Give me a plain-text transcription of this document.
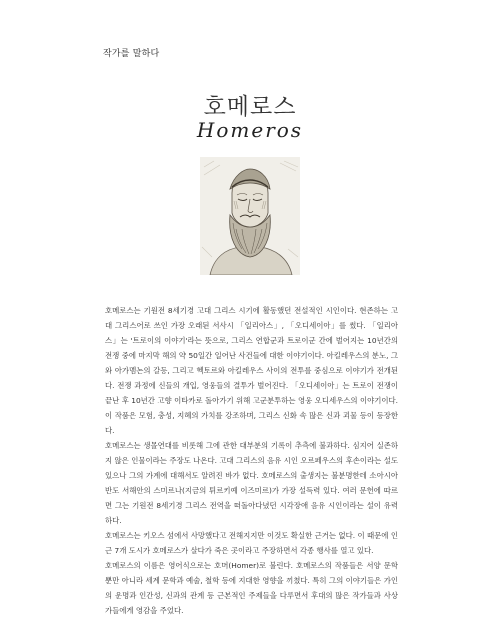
작가를 말하다
호메로스
Homeros

호메로스는 기원전 8세기경 고대 그리스 시기에 활동했던 전설적인 시인이다. 현존하는 고대 그리스어로 쓰인 가장 오래된 서사시 「일리아스」, 「오디세이아」를 썼다. 「일리아스」는 '트로이의 이야기'라는 뜻으로, 그리스 연합군과 트로이군 간에 벌어지는 10년간의 전쟁 중에 마지막 해의 약 50일간 일어난 사건들에 대한 이야기이다. 아킬레우스의 분노, 그와 아가멤논의 갈등, 그리고 헥토르와 아킬레우스 사이의 전투를 중심으로 이야기가 전개된다. 전쟁 과정에 신들의 개입, 영웅들의 결투가 벌어진다. 「오디세이아」는 트로이 전쟁이 끝난 후 10년간 고향 이타카로 돌아가기 위해 고군분투하는 영웅 오디세우스의 이야기이다. 이 작품은 모험, 충성, 지혜의 가치를 강조하며, 그리스 신화 속 많은 신과 괴물 등이 등장한다.

호메로스는 생몰연대를 비롯해 그에 관한 대부분의 기록이 추측에 불과하다. 심지어 실존하지 않은 인물이라는 주장도 나온다. 고대 그리스의 음유 시인 오르페우스의 후손이라는 설도 있으나 그의 가계에 대해서도 알려진 바가 없다. 호메로스의 출생지는 불분명한데 소아시아 반도 서해안의 스미르나(지금의 튀르키예 이즈미르)가 가장 설득력 있다. 여러 문헌에 따르면 그는 기원전 8세기경 그리스 전역을 떠돌아다녔던 시각장애 음유 시인이라는 설이 유력하다.

호메로스는 키오스 섬에서 사망했다고 전해지지만 이것도 확실한 근거는 없다. 이 때문에 인근 7개 도시가 호메로스가 살다가 죽은 곳이라고 주장하면서 각종 행사를 열고 있다.

호메로스의 이름은 영어식으로는 호머(Homer)로 불린다. 호메로스의 작품들은 서양 문학뿐만 아니라 세계 문학과 예술, 철학 등에 지대한 영향을 끼쳤다. 특히 그의 이야기들은 가인의 운명과 인간성, 신과의 관계 등 근본적인 주제들을 다루면서 후대의 많은 작가들과 사상가들에게 영감을 주었다.
